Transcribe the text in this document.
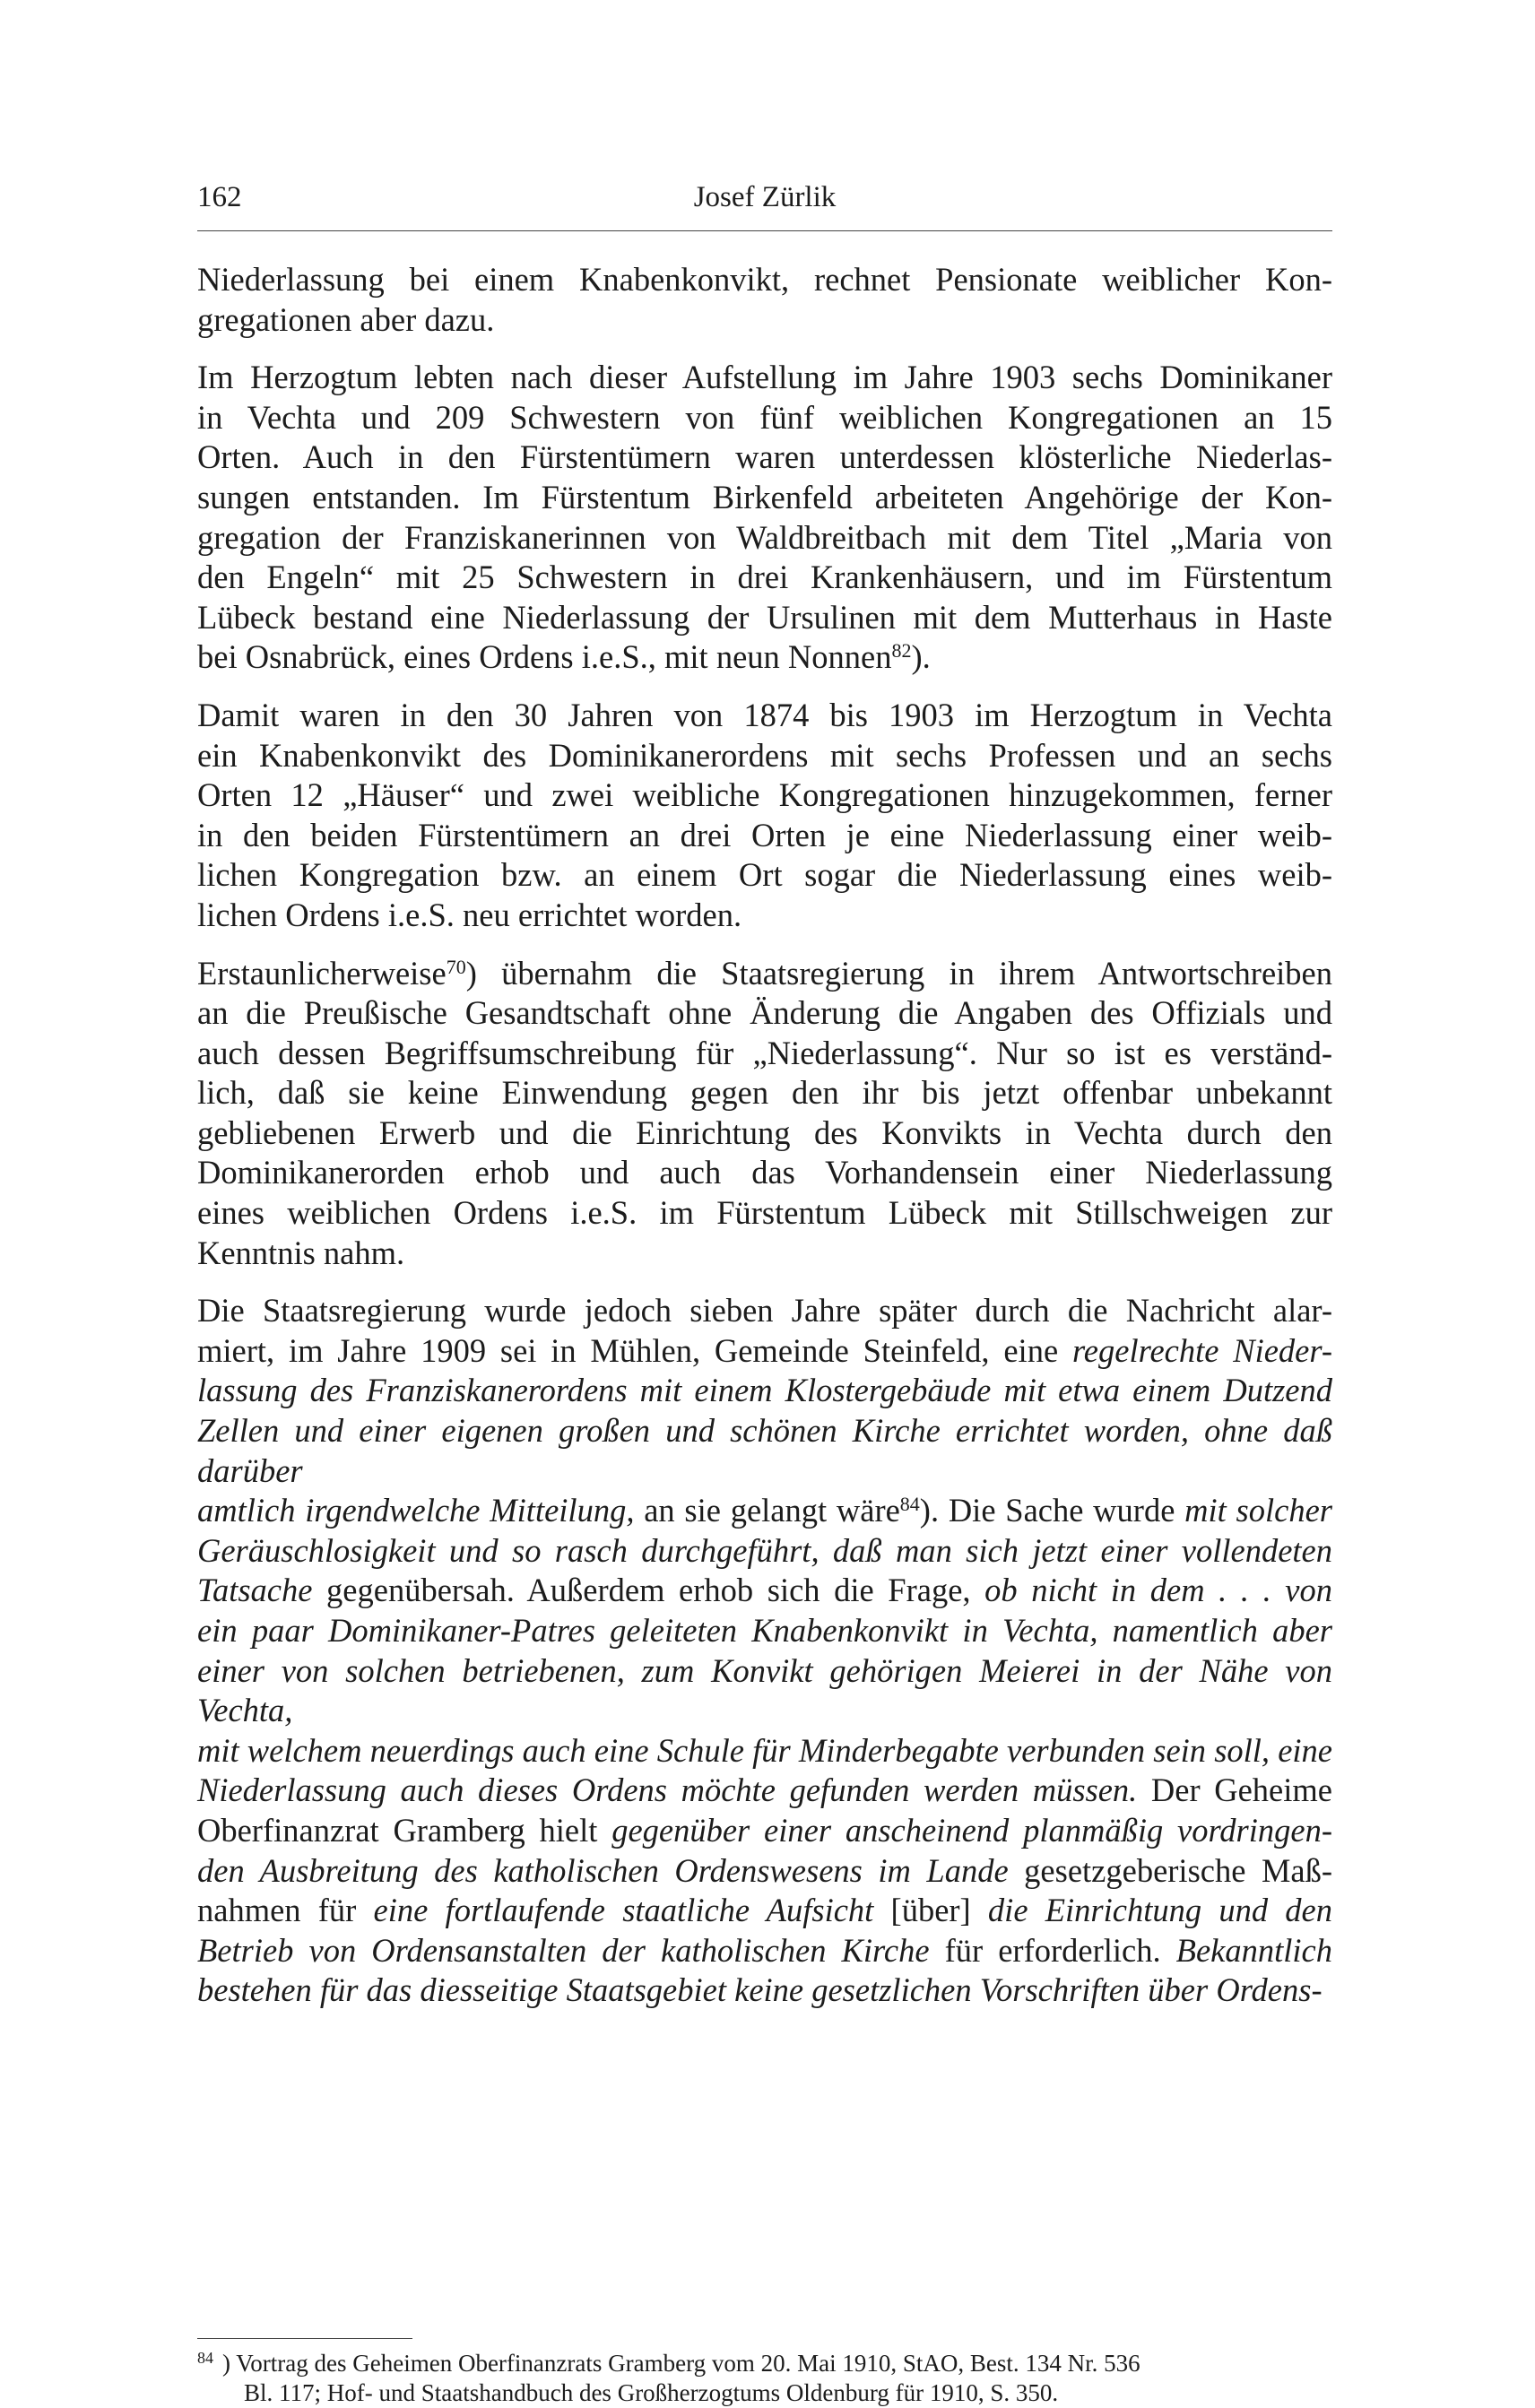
162	Josef Zürlik

Niederlassung bei einem Knabenkonvikt, rechnet Pensionate weiblicher Kon-
gregationen aber dazu.

Im Herzogtum lebten nach dieser Aufstellung im Jahre 1903 sechs Dominikaner
in Vechta und 209 Schwestern von fünf weiblichen Kongregationen an 15
Orten. Auch in den Fürstentümern waren unterdessen klösterliche Niederlas-
sungen entstanden. Im Fürstentum Birkenfeld arbeiteten Angehörige der Kon-
gregation der Franziskanerinnen von Waldbreitbach mit dem Titel „Maria von
den Engeln“ mit 25 Schwestern in drei Krankenhäusern, und im Fürstentum
Lübeck bestand eine Niederlassung der Ursulinen mit dem Mutterhaus in Haste
bei Osnabrück, eines Ordens i.e.S., mit neun Nonnen$^{82}$).

Damit waren in den 30 Jahren von 1874 bis 1903 im Herzogtum in Vechta
ein Knabenkonvikt des Dominikanerordens mit sechs Professen und an sechs
Orten 12 „Häuser“ und zwei weibliche Kongregationen hinzugekommen, ferner
in den beiden Fürstentümern an drei Orten je eine Niederlassung einer weib-
lichen Kongregation bzw. an einem Ort sogar die Niederlassung eines weib-
lichen Ordens i.e.S. neu errichtet worden.

Erstaunlicherweise$^{70}$) übernahm die Staatsregierung in ihrem Antwortschreiben
an die Preußische Gesandtschaft ohne Änderung die Angaben des Offizials und
auch dessen Begriffsumschreibung für „Niederlassung“. Nur so ist es verständ-
lich, daß sie keine Einwendung gegen den ihr bis jetzt offenbar unbekannt
gebliebenen Erwerb und die Einrichtung des Konvikts in Vechta durch den
Dominikanerorden erhob und auch das Vorhandensein einer Niederlassung
eines weiblichen Ordens i.e.S. im Fürstentum Lübeck mit Stillschweigen zur
Kenntnis nahm.

Die Staatsregierung wurde jedoch sieben Jahre später durch die Nachricht alar-
miert, im Jahre 1909 sei in Mühlen, Gemeinde Steinfeld, eine regelrechte Nieder-
lassung des Franziskanerordens mit einem Klostergebäude mit etwa einem Dutzend
Zellen und einer eigenen großen und schönen Kirche errichtet worden, ohne daß darüber
amtlich irgendwelche Mitteilung, an sie gelangt wäre$^{84}$). Die Sache wurde mit solcher
Geräuschlosigkeit und so rasch durchgeführt, daß man sich jetzt einer vollendeten
Tatsache gegenübersah. Außerdem erhob sich die Frage, ob nicht in dem . . . von
ein paar Dominikaner-Patres geleiteten Knabenkonvikt in Vechta, namentlich aber
einer von solchen betriebenen, zum Konvikt gehörigen Meierei in der Nähe von Vechta,
mit welchem neuerdings auch eine Schule für Minderbegabte verbunden sein soll, eine
Niederlassung auch dieses Ordens möchte gefunden werden müssen. Der Geheime
Oberfinanzrat Gramberg hielt gegenüber einer anscheinend planmäßig vordringen-
den Ausbreitung des katholischen Ordenswesens im Lande gesetzgeberische Maß-
nahmen für eine fortlaufende staatliche Aufsicht [über] die Einrichtung und den
Betrieb von Ordensanstalten der katholischen Kirche für erforderlich. Bekanntlich
bestehen für das diesseitige Staatsgebiet keine gesetzlichen Vorschriften über Ordens-

$^{84}$ ) Vortrag des Geheimen Oberfinanzrats Gramberg vom 20. Mai 1910, StAO, Best. 134 Nr. 536
Bl. 117; Hof- und Staatshandbuch des Großherzogtums Oldenburg für 1910, S. 350.
